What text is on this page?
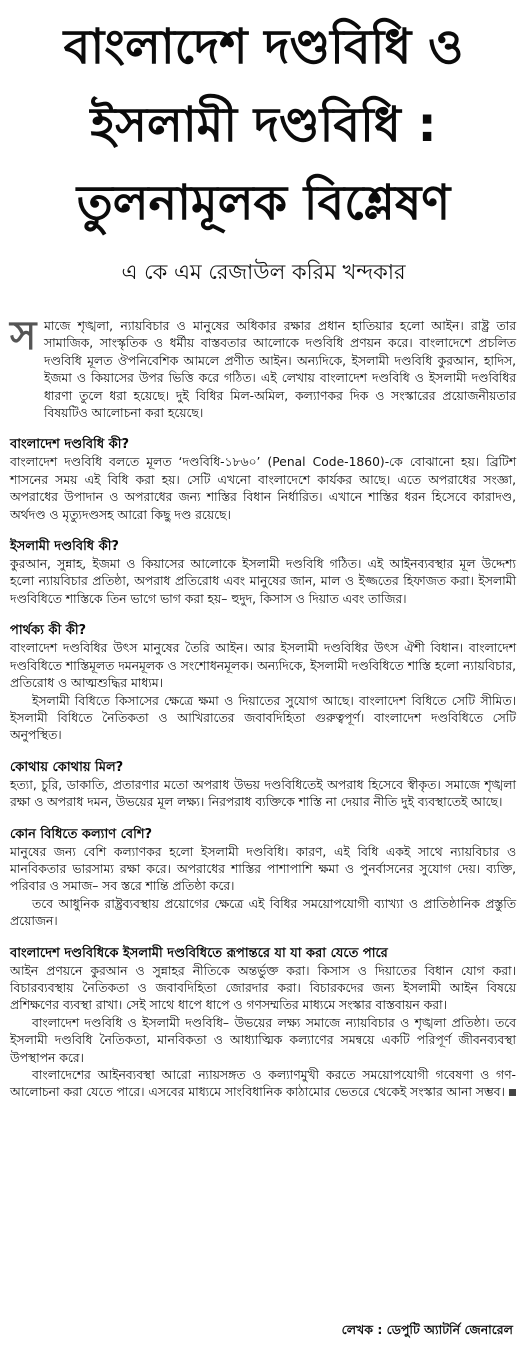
বাংলাদেশ দণ্ডবিধি ও
ইসলামী দণ্ডবিধি :
তুলনামূলক বিশ্লেষণ

এ কে এম রেজাউল করিম খন্দকার

স মাজে শৃঙ্খলা, ন্যায়বিচার ও মানুষের অধিকার রক্ষার প্রধান হাতিয়ার হলো আইন। রাষ্ট্র তার সামাজিক, সাংস্কৃতিক ও ধর্মীয় বাস্তবতার আলোকে দণ্ডবিধি প্রণয়ন করে। বাংলাদেশে প্রচলিত দণ্ডবিধি মূলত ঔপনিবেশিক আমলে প্রণীত আইন। অন্যদিকে, ইসলামী দণ্ডবিধি কুরআন, হাদিস, ইজমা ও কিয়াসের উপর ভিত্তি করে গঠিত। এই লেখায় বাংলাদেশ দণ্ডবিধি ও ইসলামী দণ্ডবিধির ধারণা তুলে ধরা হয়েছে। দুই বিধির মিল-অমিল, কল্যাণকর দিক ও সংস্কারের প্রয়োজনীয়তার বিষয়টিও আলোচনা করা হয়েছে।

বাংলাদেশ দণ্ডবিধি কী?

বাংলাদেশ দণ্ডবিধি বলতে মূলত ‘দণ্ডবিধি-১৮৬০’ (Penal Code-1860)-কে বোঝানো হয়। ব্রিটিশ শাসনের সময় এই বিধি করা হয়। সেটি এখনো বাংলাদেশে কার্যকর আছে। এতে অপরাধের সংজ্ঞা, অপরাধের উপাদান ও অপরাধের জন্য শাস্তির বিধান নির্ধারিত। এখানে শাস্তির ধরন হিসেবে কারাদণ্ড, অর্থদণ্ড ও মৃত্যুদণ্ডসহ আরো কিছু দণ্ড রয়েছে।

ইসলামী দণ্ডবিধি কী?

কুরআন, সুন্নাহ, ইজমা ও কিয়াসের আলোকে ইসলামী দণ্ডবিধি গঠিত। এই আইনব্যবস্থার মূল উদ্দেশ্য হলো ন্যায়বিচার প্রতিষ্ঠা, অপরাধ প্রতিরোধ এবং মানুষের জান, মাল ও ইজ্জতের হিফাজত করা। ইসলামী দণ্ডবিধিতে শাস্তিকে তিন ভাগে ভাগ করা হয়– হুদুদ, কিসাস ও দিয়াত এবং তাজির।

পার্থক্য কী কী?

বাংলাদেশ দণ্ডবিধির উৎস মানুষের তৈরি আইন। আর ইসলামী দণ্ডবিধির উৎস ঐশী বিধান। বাংলাদেশ দণ্ডবিধিতে শাস্তিমূলত দমনমূলক ও সংশোধনমূলক। অন্যদিকে, ইসলামী দণ্ডবিধিতে শাস্তি হলো ন্যায়বিচার, প্রতিরোধ ও আত্মশুদ্ধির মাধ্যম।

ইসলামী বিধিতে কিসাসের ক্ষেত্রে ক্ষমা ও দিয়াতের সুযোগ আছে। বাংলাদেশ বিধিতে সেটি সীমিত। ইসলামী বিধিতে নৈতিকতা ও আখিরাতের জবাবদিহিতা গুরুত্বপূর্ণ। বাংলাদেশ দণ্ডবিধিতে সেটি অনুপস্থিত।

কোথায় কোথায় মিল?

হত্যা, চুরি, ডাকাতি, প্রতারণার মতো অপরাধ উভয় দণ্ডবিধিতেই অপরাধ হিসেবে স্বীকৃত। সমাজে শৃঙ্খলা রক্ষা ও অপরাধ দমন, উভয়ের মূল লক্ষ্য। নিরপরাধ ব্যক্তিকে শাস্তি না দেয়ার নীতি দুই ব্যবস্থাতেই আছে।

কোন বিধিতে কল্যাণ বেশি?

মানুষের জন্য বেশি কল্যাণকর হলো ইসলামী দণ্ডবিধি। কারণ, এই বিধি একই সাথে ন্যায়বিচার ও মানবিকতার ভারসাম্য রক্ষা করে। অপরাধের শাস্তির পাশাপাশি ক্ষমা ও পুনর্বাসনের সুযোগ দেয়। ব্যক্তি, পরিবার ও সমাজ– সব স্তরে শান্তি প্রতিষ্ঠা করে।

তবে আধুনিক রাষ্ট্রব্যবস্থায় প্রয়োগের ক্ষেত্রে এই বিধির সময়োপযোগী ব্যাখ্যা ও প্রাতিষ্ঠানিক প্রস্তুতি প্রয়োজন।

বাংলাদেশ দণ্ডবিধিকে ইসলামী দণ্ডবিধিতে রূপান্তরে যা যা করা যেতে পারে

আইন প্রণয়নে কুরআন ও সুন্নাহর নীতিকে অন্তর্ভুক্ত করা। কিসাস ও দিয়াতের বিধান যোগ করা। বিচারব্যবস্থায় নৈতিকতা ও জবাবদিহিতা জোরদার করা। বিচারকদের জন্য ইসলামী আইন বিষয়ে প্রশিক্ষণের ব্যবস্থা রাখা। সেই সাথে ধাপে ধাপে ও গণসম্মতির মাধ্যমে সংস্কার বাস্তবায়ন করা।

বাংলাদেশ দণ্ডবিধি ও ইসলামী দণ্ডবিধি– উভয়ের লক্ষ্য সমাজে ন্যায়বিচার ও শৃঙ্খলা প্রতিষ্ঠা। তবে ইসলামী দণ্ডবিধি নৈতিকতা, মানবিকতা ও আধ্যাত্মিক কল্যাণের সমন্বয়ে একটি পরিপূর্ণ জীবনব্যবস্থা উপস্থাপন করে।

বাংলাদেশের আইনব্যবস্থা আরো ন্যায়সঙ্গত ও কল্যাণমুখী করতে সময়োপযোগী গবেষণা ও গণ-আলোচনা করা যেতে পারে। এসবের মাধ্যমে সাংবিধানিক কাঠামোর ভেতরে থেকেই সংস্কার আনা সম্ভব।

লেখক : ডেপুটি অ্যাটর্নি জেনারেল
